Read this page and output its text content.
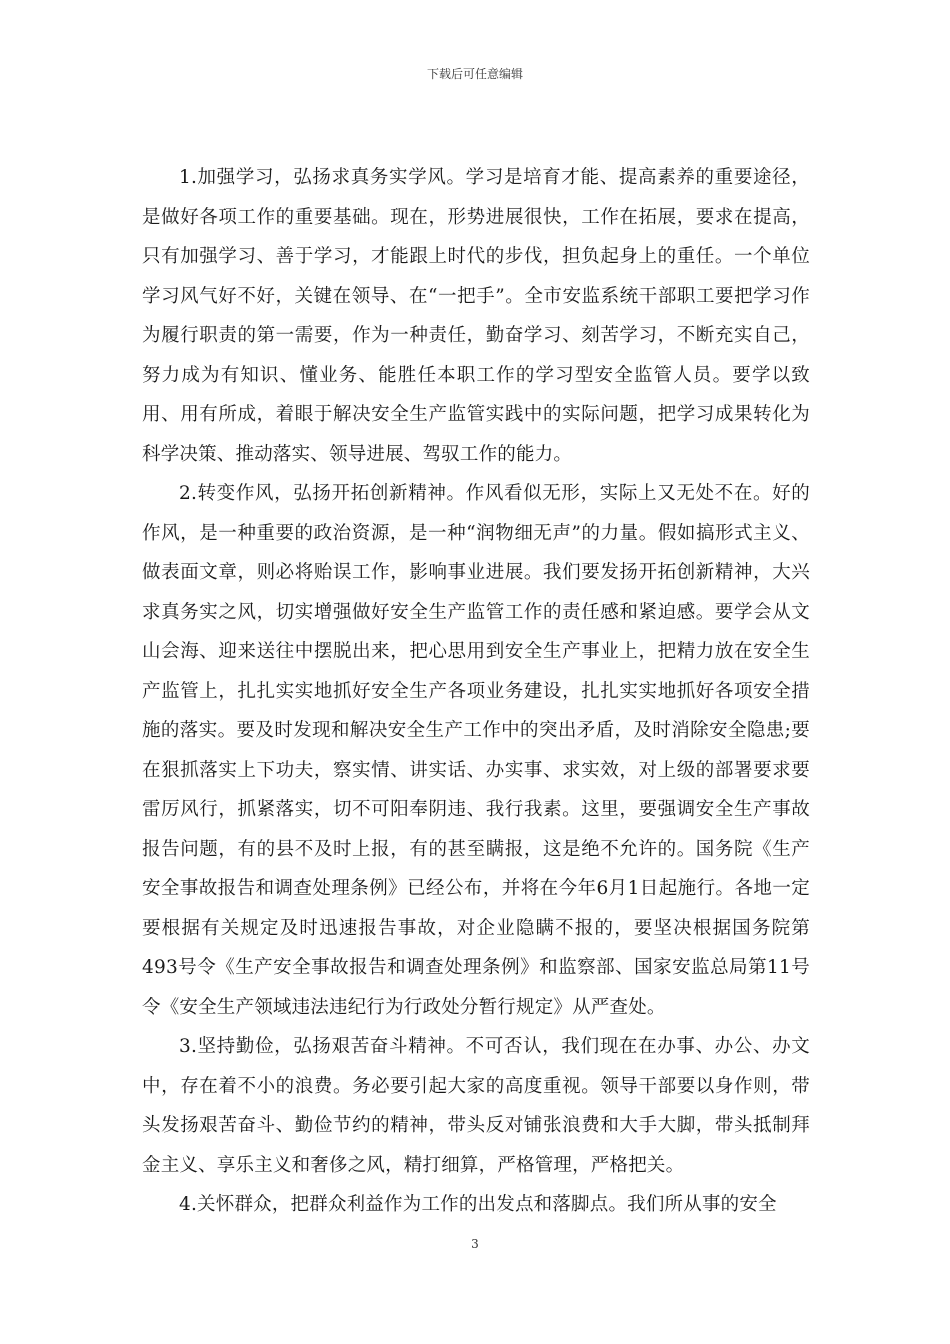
下载后可任意编辑

1.加强学习，弘扬求真务实学风。学习是培育才能、提高素养的重要途径，是做好各项工作的重要基础。现在，形势进展很快，工作在拓展，要求在提高，只有加强学习、善于学习，才能跟上时代的步伐，担负起身上的重任。一个单位学习风气好不好，关键在领导、在“一把手”。全市安监系统干部职工要把学习作为履行职责的第一需要，作为一种责任，勤奋学习、刻苦学习，不断充实自己，努力成为有知识、懂业务、能胜任本职工作的学习型安全监管人员。要学以致用、用有所成，着眼于解决安全生产监管实践中的实际问题，把学习成果转化为科学决策、推动落实、领导进展、驾驭工作的能力。

2.转变作风，弘扬开拓创新精神。作风看似无形，实际上又无处不在。好的作风，是一种重要的政治资源，是一种“润物细无声”的力量。假如搞形式主义、做表面文章，则必将贻误工作，影响事业进展。我们要发扬开拓创新精神，大兴求真务实之风，切实增强做好安全生产监管工作的责任感和紧迫感。要学会从文山会海、迎来送往中摆脱出来，把心思用到安全生产事业上，把精力放在安全生产监管上，扎扎实实地抓好安全生产各项业务建设，扎扎实实地抓好各项安全措施的落实。要及时发现和解决安全生产工作中的突出矛盾，及时消除安全隐患;要在狠抓落实上下功夫，察实情、讲实话、办实事、求实效，对上级的部署要求要雷厉风行，抓紧落实，切不可阳奉阴违、我行我素。这里，要强调安全生产事故报告问题，有的县不及时上报，有的甚至瞒报，这是绝不允许的。国务院《生产安全事故报告和调查处理条例》已经公布，并将在今年6月1日起施行。各地一定要根据有关规定及时迅速报告事故，对企业隐瞒不报的，要坚决根据国务院第493号令《生产安全事故报告和调查处理条例》和监察部、国家安监总局第11号令《安全生产领域违法违纪行为行政处分暂行规定》从严查处。

3.坚持勤俭，弘扬艰苦奋斗精神。不可否认，我们现在在办事、办公、办文中，存在着不小的浪费。务必要引起大家的高度重视。领导干部要以身作则，带头发扬艰苦奋斗、勤俭节约的精神，带头反对铺张浪费和大手大脚，带头抵制拜金主义、享乐主义和奢侈之风，精打细算，严格管理，严格把关。

4.关怀群众，把群众利益作为工作的出发点和落脚点。我们所从事的安全

3
